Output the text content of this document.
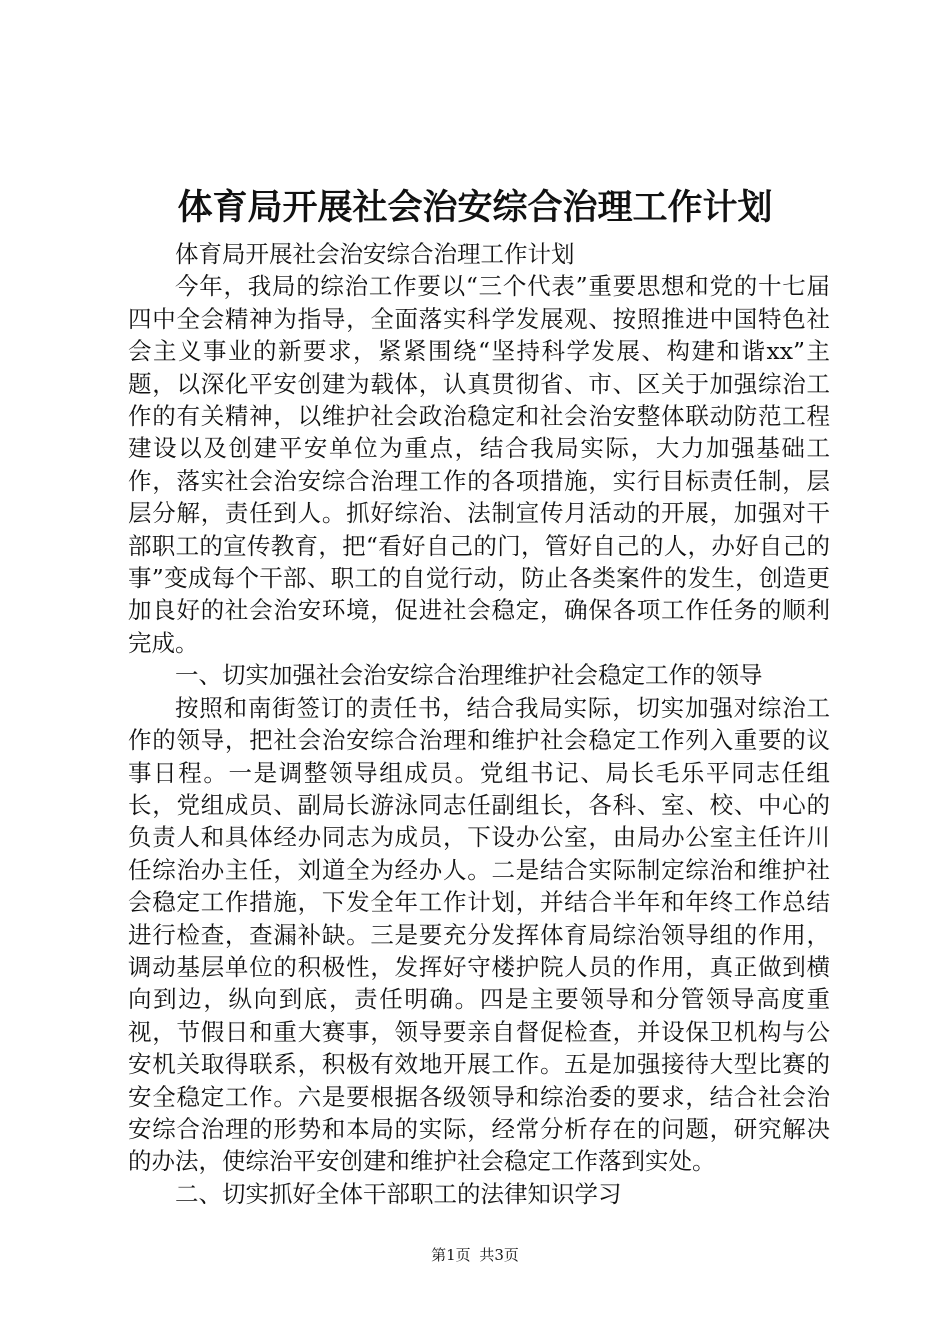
体育局开展社会治安综合治理工作计划

体育局开展社会治安综合治理工作计划

今年，我局的综治工作要以“三个代表”重要思想和党的十七届四中全会精神为指导，全面落实科学发展观、按照推进中国特色社会主义事业的新要求，紧紧围绕“坚持科学发展、构建和谐xx”主题，以深化平安创建为载体，认真贯彻省、市、区关于加强综治工作的有关精神，以维护社会政治稳定和社会治安整体联动防范工程建设以及创建平安单位为重点，结合我局实际，大力加强基础工作，落实社会治安综合治理工作的各项措施，实行目标责任制，层层分解，责任到人。抓好综治、法制宣传月活动的开展，加强对干部职工的宣传教育，把“看好自己的门，管好自己的人，办好自己的事”变成每个干部、职工的自觉行动，防止各类案件的发生，创造更加良好的社会治安环境，促进社会稳定，确保各项工作任务的顺利完成。

一、切实加强社会治安综合治理维护社会稳定工作的领导

按照和南街签订的责任书，结合我局实际，切实加强对综治工作的领导，把社会治安综合治理和维护社会稳定工作列入重要的议事日程。一是调整领导组成员。党组书记、局长毛乐平同志任组长，党组成员、副局长游泳同志任副组长，各科、室、校、中心的负责人和具体经办同志为成员，下设办公室，由局办公室主任许川任综治办主任，刘道全为经办人。二是结合实际制定综治和维护社会稳定工作措施，下发全年工作计划，并结合半年和年终工作总结进行检查，查漏补缺。三是要充分发挥体育局综治领导组的作用，调动基层单位的积极性，发挥好守楼护院人员的作用，真正做到横向到边，纵向到底，责任明确。四是主要领导和分管领导高度重视，节假日和重大赛事，领导要亲自督促检查，并设保卫机构与公安机关取得联系，积极有效地开展工作。五是加强接待大型比赛的安全稳定工作。六是要根据各级领导和综治委的要求，结合社会治安综合治理的形势和本局的实际，经常分析存在的问题，研究解决的办法，使综治平安创建和维护社会稳定工作落到实处。

二、切实抓好全体干部职工的法律知识学习

第1页 共3页
